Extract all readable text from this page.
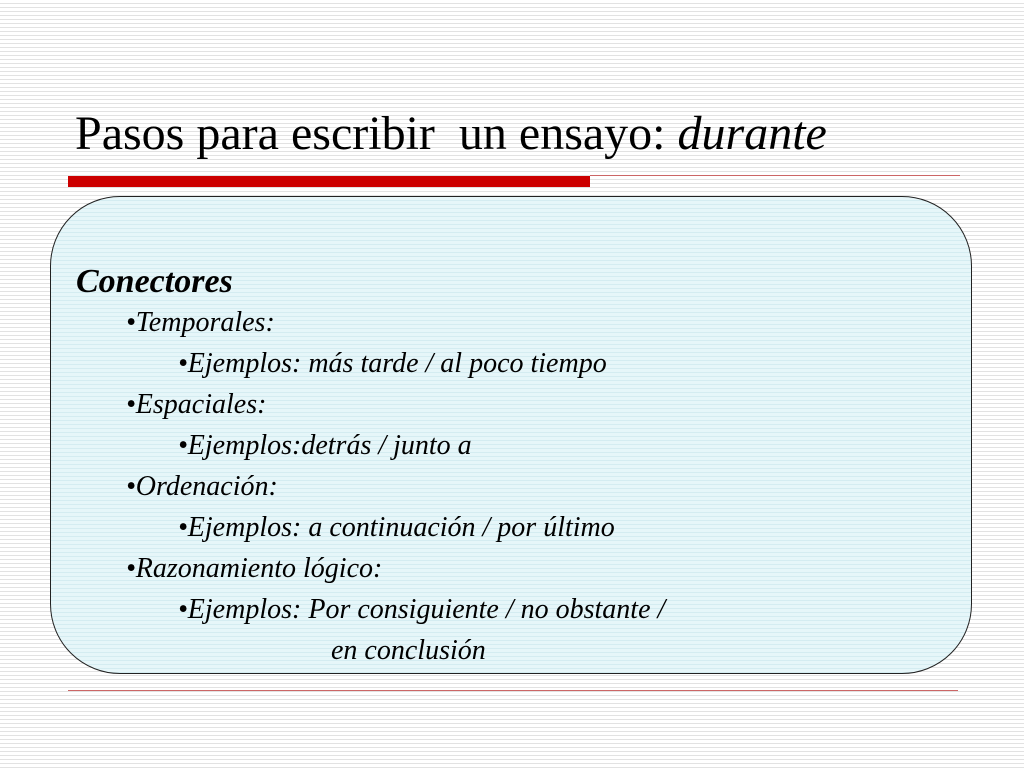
Pasos para escribir  un ensayo: durante
Conectores
•Temporales:
•Ejemplos: más tarde / al poco tiempo
•Espaciales:
•Ejemplos:detrás / junto a
•Ordenación:
•Ejemplos: a continuación / por último
•Razonamiento lógico:
•Ejemplos: Por consiguiente / no obstante /
en conclusión
